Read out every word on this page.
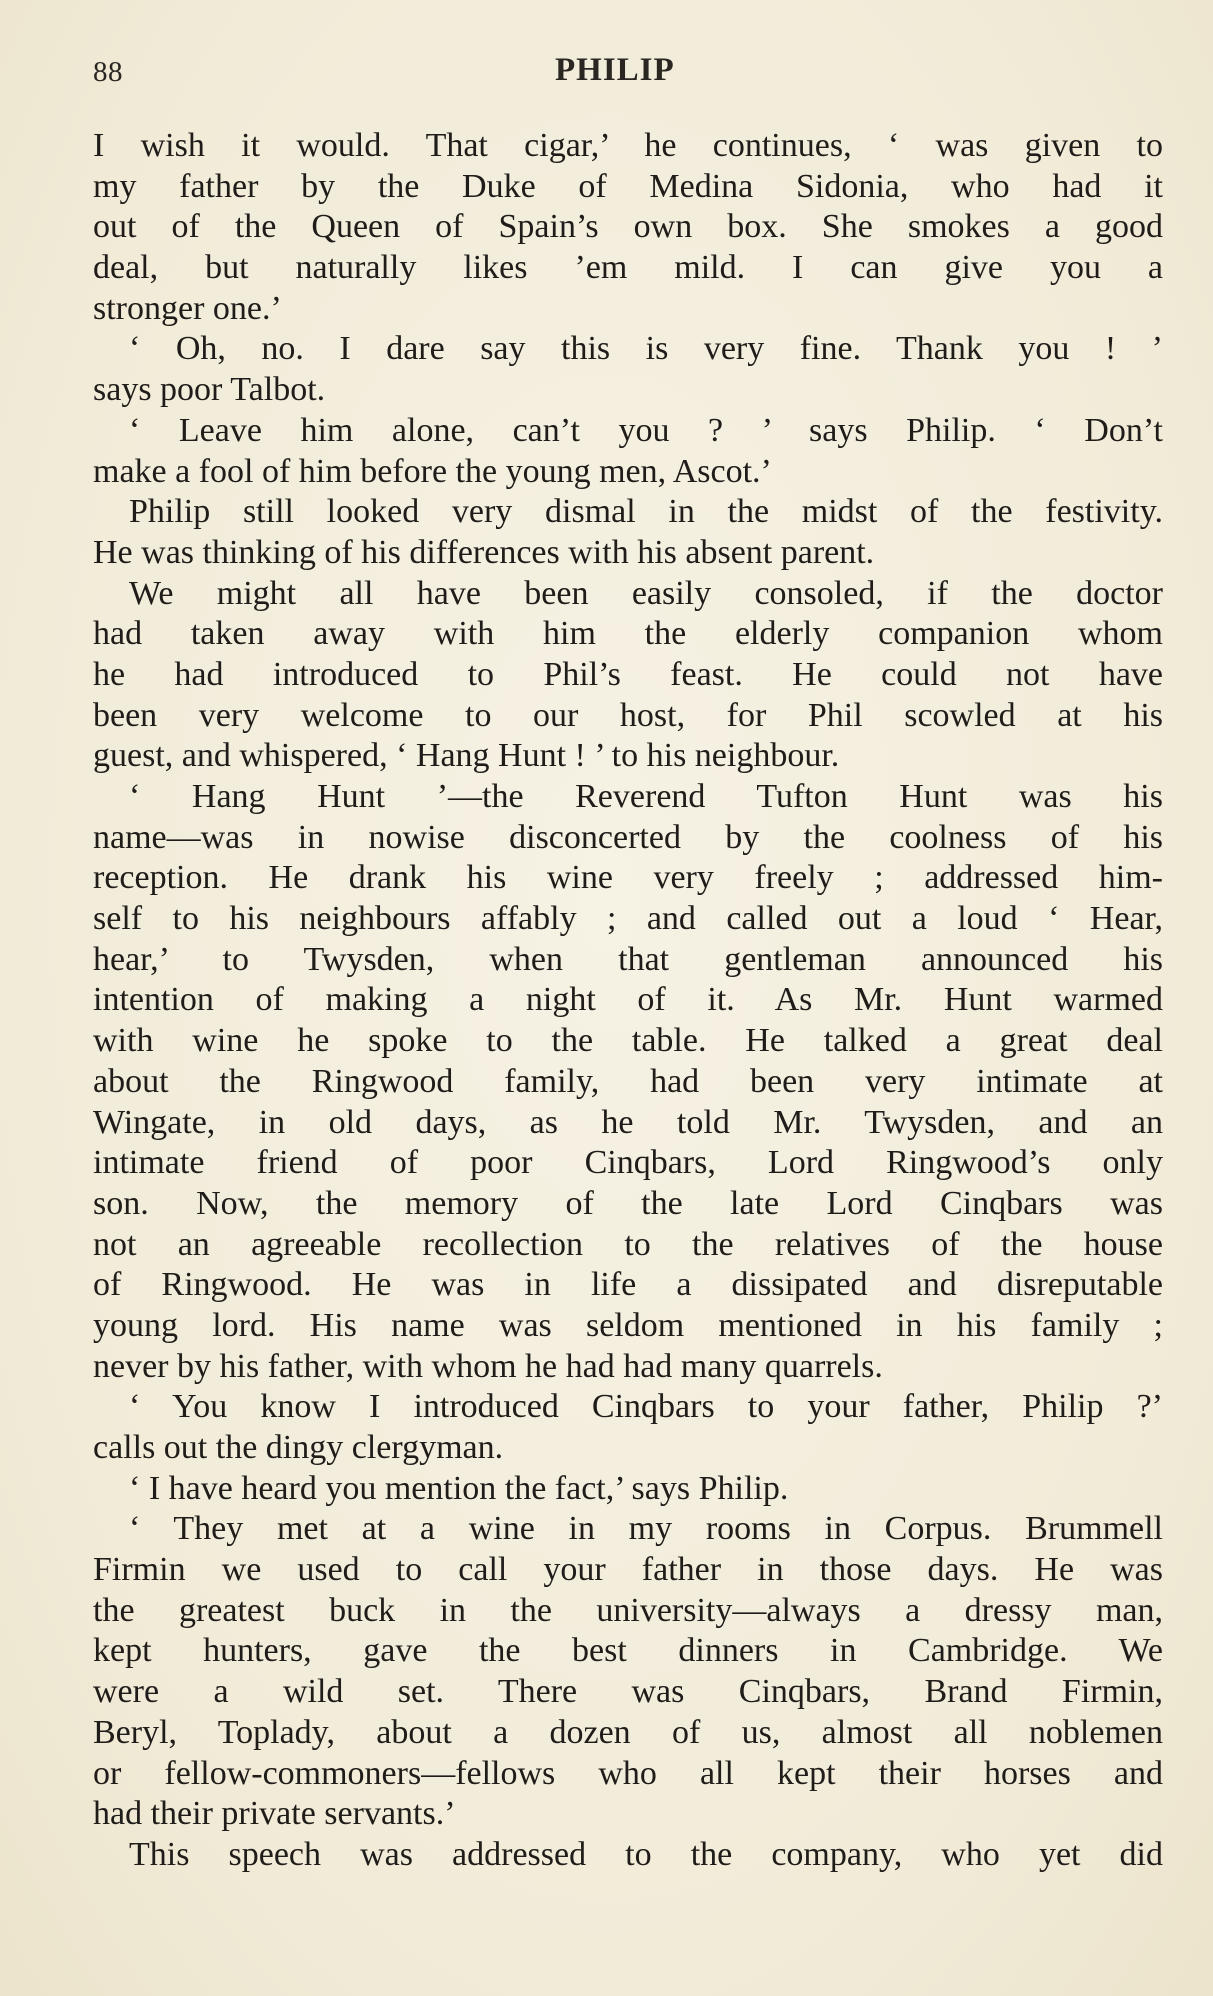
88	PHILIP
I wish it would. That cigar,’ he continues, ‘ was given to
my father by the Duke of Medina Sidonia, who had it
out of the Queen of Spain’s own box. She smokes a good
deal, but naturally likes ’em mild. I can give you a
stronger one.’
‘ Oh, no. I dare say this is very fine. Thank you ! ’
says poor Talbot.
‘ Leave him alone, can’t you ? ’ says Philip. ‘ Don’t
make a fool of him before the young men, Ascot.’
Philip still looked very dismal in the midst of the festivity.
He was thinking of his differences with his absent parent.
We might all have been easily consoled, if the doctor
had taken away with him the elderly companion whom
he had introduced to Phil’s feast. He could not have
been very welcome to our host, for Phil scowled at his
guest, and whispered, ‘ Hang Hunt ! ’ to his neighbour.
‘ Hang Hunt ’—the Reverend Tufton Hunt was his
name—was in nowise disconcerted by the coolness of his
reception. He drank his wine very freely ; addressed him-
self to his neighbours affably ; and called out a loud ‘ Hear,
hear,’ to Twysden, when that gentleman announced his
intention of making a night of it. As Mr. Hunt warmed
with wine he spoke to the table. He talked a great deal
about the Ringwood family, had been very intimate at
Wingate, in old days, as he told Mr. Twysden, and an
intimate friend of poor Cinqbars, Lord Ringwood’s only
son. Now, the memory of the late Lord Cinqbars was
not an agreeable recollection to the relatives of the house
of Ringwood. He was in life a dissipated and disreputable
young lord. His name was seldom mentioned in his family ;
never by his father, with whom he had had many quarrels.
‘ You know I introduced Cinqbars to your father, Philip ?’
calls out the dingy clergyman.
‘ I have heard you mention the fact,’ says Philip.
‘ They met at a wine in my rooms in Corpus. Brummell
Firmin we used to call your father in those days. He was
the greatest buck in the university—always a dressy man,
kept hunters, gave the best dinners in Cambridge. We
were a wild set. There was Cinqbars, Brand Firmin,
Beryl, Toplady, about a dozen of us, almost all noblemen
or fellow-commoners—fellows who all kept their horses and
had their private servants.’
This speech was addressed to the company, who yet did
